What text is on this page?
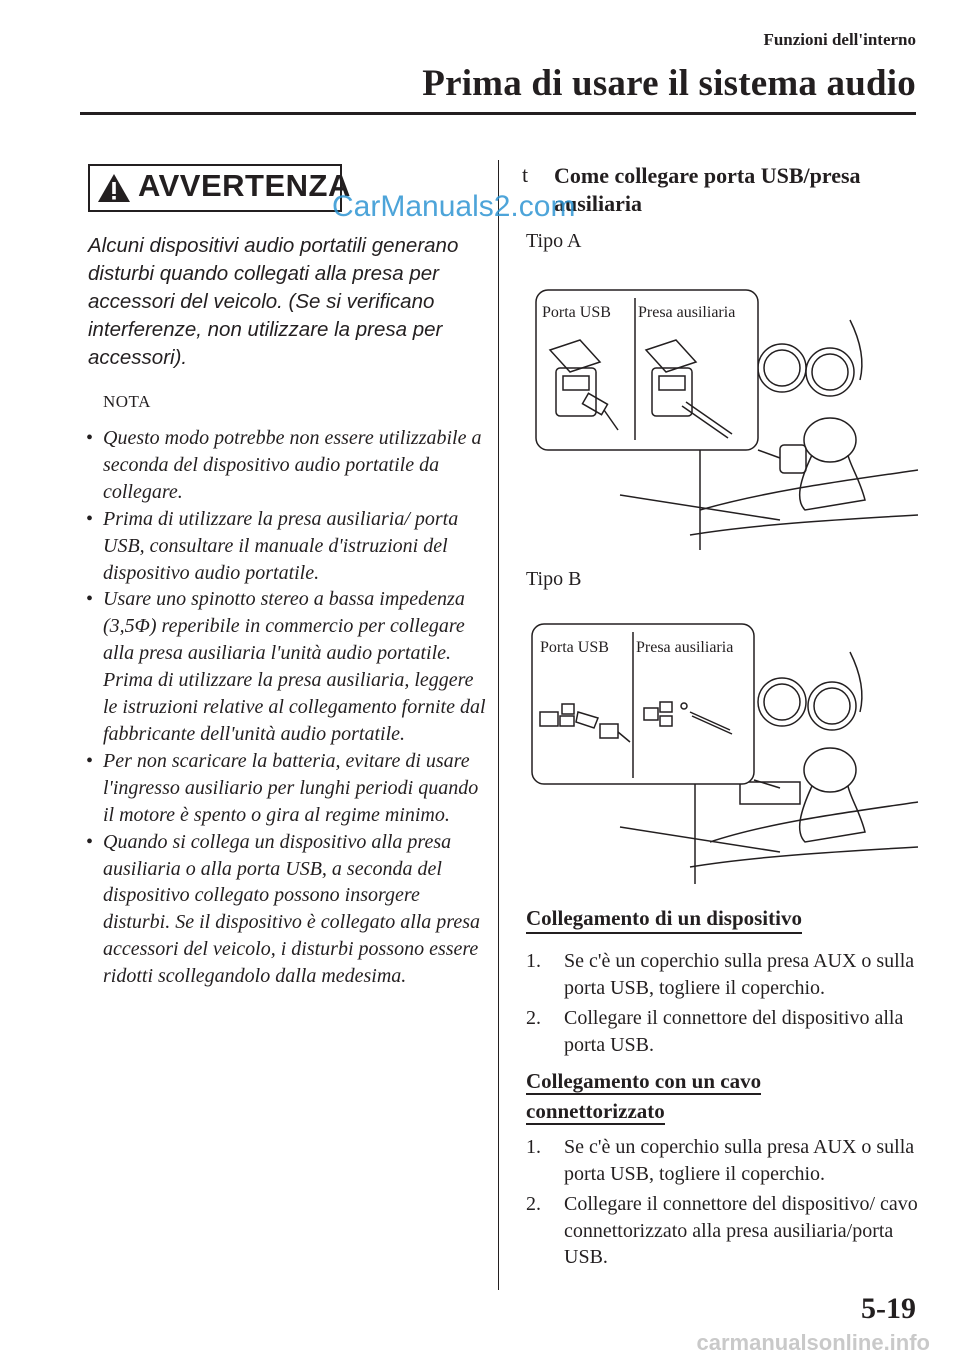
Funzioni dell'interno
Prima di usare il sistema audio
AVVERTENZA
Alcuni dispositivi audio portatili generano disturbi quando collegati alla presa per accessori del veicolo. (Se si verificano interferenze, non utilizzare la presa per accessori).
NOTA
• Questo modo potrebbe non essere utilizzabile a seconda del dispositivo audio portatile da collegare.
• Prima di utilizzare la presa ausiliaria/ porta USB, consultare il manuale d'istruzioni del dispositivo audio portatile.
• Usare uno spinotto stereo a bassa impedenza (3,5Φ) reperibile in commercio per collegare alla presa ausiliaria l'unità audio portatile. Prima di utilizzare la presa ausiliaria, leggere le istruzioni relative al collegamento fornite dal fabbricante dell'unità audio portatile.
• Per non scaricare la batteria, evitare di usare l'ingresso ausiliario per lunghi periodi quando il motore è spento o gira al regime minimo.
• Quando si collega un dispositivo alla presa ausiliaria o alla porta USB, a seconda del dispositivo collegato possono insorgere disturbi. Se il dispositivo è collegato alla presa accessori del veicolo, i disturbi possono essere ridotti scollegandolo dalla medesima.
t Come collegare porta USB/presa ausiliaria
Tipo A
Porta USB Presa ausiliaria
Tipo B
Porta USB Presa ausiliaria
Collegamento di un dispositivo
1. Se c'è un coperchio sulla presa AUX o sulla porta USB, togliere il coperchio.
2. Collegare il connettore del dispositivo alla porta USB.
Collegamento con un cavo
connettorizzato
1. Se c'è un coperchio sulla presa AUX o sulla porta USB, togliere il coperchio.
2. Collegare il connettore del dispositivo/ cavo connettorizzato alla presa ausiliaria/porta USB.
5-19
CarManuals2.com
carmanualsonline.info
